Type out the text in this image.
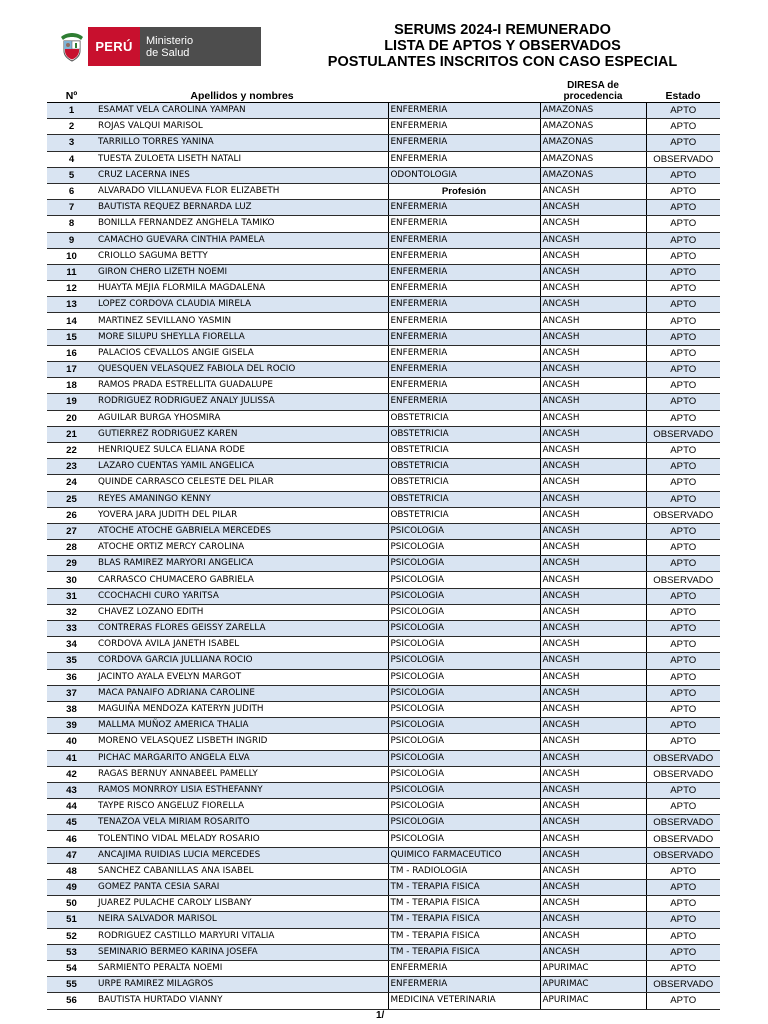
PERÚ	Ministerio
de Salud
SERUMS 2024-I REMUNERADO
LISTA DE APTOS Y OBSERVADOS
POSTULANTES INSCRITOS CON CASO ESPECIAL
Nº	Apellidos y nombres		DIRESA de procedencia	Estado
1	ESAMAT VELA CAROLINA YAMPAN	ENFERMERIA	AMAZONAS	APTO
2	ROJAS VALQUI MARISOL	ENFERMERIA	AMAZONAS	APTO
3	TARRILLO TORRES YANINA	ENFERMERIA	AMAZONAS	APTO
4	TUESTA ZULOETA LISETH NATALI	ENFERMERIA	AMAZONAS	OBSERVADO
5	CRUZ LACERNA INES	ODONTOLOGIA	AMAZONAS	APTO
6	ALVARADO VILLANUEVA FLOR ELIZABETH	Profesión	ANCASH	APTO
7	BAUTISTA REQUEZ BERNARDA LUZ	ENFERMERIA	ANCASH	APTO
8	BONILLA FERNANDEZ ANGHELA TAMIKO	ENFERMERIA	ANCASH	APTO
9	CAMACHO GUEVARA CINTHIA PAMELA	ENFERMERIA	ANCASH	APTO
10	CRIOLLO SAGUMA BETTY	ENFERMERIA	ANCASH	APTO
11	GIRON CHERO LIZETH NOEMI	ENFERMERIA	ANCASH	APTO
12	HUAYTA MEJIA FLORMILA MAGDALENA	ENFERMERIA	ANCASH	APTO
13	LOPEZ CORDOVA CLAUDIA MIRELA	ENFERMERIA	ANCASH	APTO
14	MARTINEZ SEVILLANO YASMIN	ENFERMERIA	ANCASH	APTO
15	MORE SILUPU SHEYLLA FIORELLA	ENFERMERIA	ANCASH	APTO
16	PALACIOS CEVALLOS ANGIE GISELA	ENFERMERIA	ANCASH	APTO
17	QUESQUEN VELASQUEZ FABIOLA DEL ROCIO	ENFERMERIA	ANCASH	APTO
18	RAMOS PRADA ESTRELLITA GUADALUPE	ENFERMERIA	ANCASH	APTO
19	RODRIGUEZ RODRIGUEZ ANALY JULISSA	ENFERMERIA	ANCASH	APTO
20	AGUILAR BURGA YHOSMIRA	OBSTETRICIA	ANCASH	APTO
21	GUTIERREZ RODRIGUEZ KAREN	OBSTETRICIA	ANCASH	OBSERVADO
22	HENRIQUEZ SULCA ELIANA RODE	OBSTETRICIA	ANCASH	APTO
23	LAZARO CUENTAS YAMIL ANGELICA	OBSTETRICIA	ANCASH	APTO
24	QUINDE CARRASCO CELESTE DEL PILAR	OBSTETRICIA	ANCASH	APTO
25	REYES AMANINGO KENNY	OBSTETRICIA	ANCASH	APTO
26	YOVERA JARA JUDITH DEL PILAR	OBSTETRICIA	ANCASH	OBSERVADO
27	ATOCHE ATOCHE GABRIELA MERCEDES	PSICOLOGIA	ANCASH	APTO
28	ATOCHE ORTIZ MERCY CAROLINA	PSICOLOGIA	ANCASH	APTO
29	BLAS RAMIREZ MARYORI ANGELICA	PSICOLOGIA	ANCASH	APTO
30	CARRASCO CHUMACERO GABRIELA	PSICOLOGIA	ANCASH	OBSERVADO
31	CCOCHACHI CURO YARITSA	PSICOLOGIA	ANCASH	APTO
32	CHAVEZ LOZANO EDITH	PSICOLOGIA	ANCASH	APTO
33	CONTRERAS FLORES GEISSY ZARELLA	PSICOLOGIA	ANCASH	APTO
34	CORDOVA AVILA JANETH ISABEL	PSICOLOGIA	ANCASH	APTO
35	CORDOVA GARCIA JULLIANA ROCIO	PSICOLOGIA	ANCASH	APTO
36	JACINTO AYALA EVELYN MARGOT	PSICOLOGIA	ANCASH	APTO
37	MACA PANAIFO ADRIANA CAROLINE	PSICOLOGIA	ANCASH	APTO
38	MAGUIÑA MENDOZA KATERYN JUDITH	PSICOLOGIA	ANCASH	APTO
39	MALLMA MUÑOZ AMERICA THALIA	PSICOLOGIA	ANCASH	APTO
40	MORENO VELASQUEZ LISBETH INGRID	PSICOLOGIA	ANCASH	APTO
41	PICHAC MARGARITO ANGELA ELVA	PSICOLOGIA	ANCASH	OBSERVADO
42	RAGAS BERNUY ANNABEEL PAMELLY	PSICOLOGIA	ANCASH	OBSERVADO
43	RAMOS MONRROY LISIA ESTHEFANNY	PSICOLOGIA	ANCASH	APTO
44	TAYPE RISCO ANGELUZ FIORELLA	PSICOLOGIA	ANCASH	APTO
45	TENAZOA VELA MIRIAM ROSARITO	PSICOLOGIA	ANCASH	OBSERVADO
46	TOLENTINO VIDAL MELADY ROSARIO	PSICOLOGIA	ANCASH	OBSERVADO
47	ANCAJIMA RUIDIAS LUCIA MERCEDES	QUIMICO FARMACEUTICO	ANCASH	OBSERVADO
48	SANCHEZ CABANILLAS ANA ISABEL	TM - RADIOLOGIA	ANCASH	APTO
49	GOMEZ PANTA CESIA SARAI	TM - TERAPIA FISICA	ANCASH	APTO
50	JUAREZ PULACHE CAROLY LISBANY	TM - TERAPIA FISICA	ANCASH	APTO
51	NEIRA SALVADOR MARISOL	TM - TERAPIA FISICA	ANCASH	APTO
52	RODRIGUEZ CASTILLO MARYURI VITALIA	TM - TERAPIA FISICA	ANCASH	APTO
53	SEMINARIO BERMEO KARINA JOSEFA	TM - TERAPIA FISICA	ANCASH	APTO
54	SARMIENTO PERALTA NOEMI	ENFERMERIA	APURIMAC	APTO
55	URPE RAMIREZ MILAGROS	ENFERMERIA	APURIMAC	OBSERVADO
56	BAUTISTA HURTADO VIANNY	MEDICINA VETERINARIA	APURIMAC	APTO
1/
